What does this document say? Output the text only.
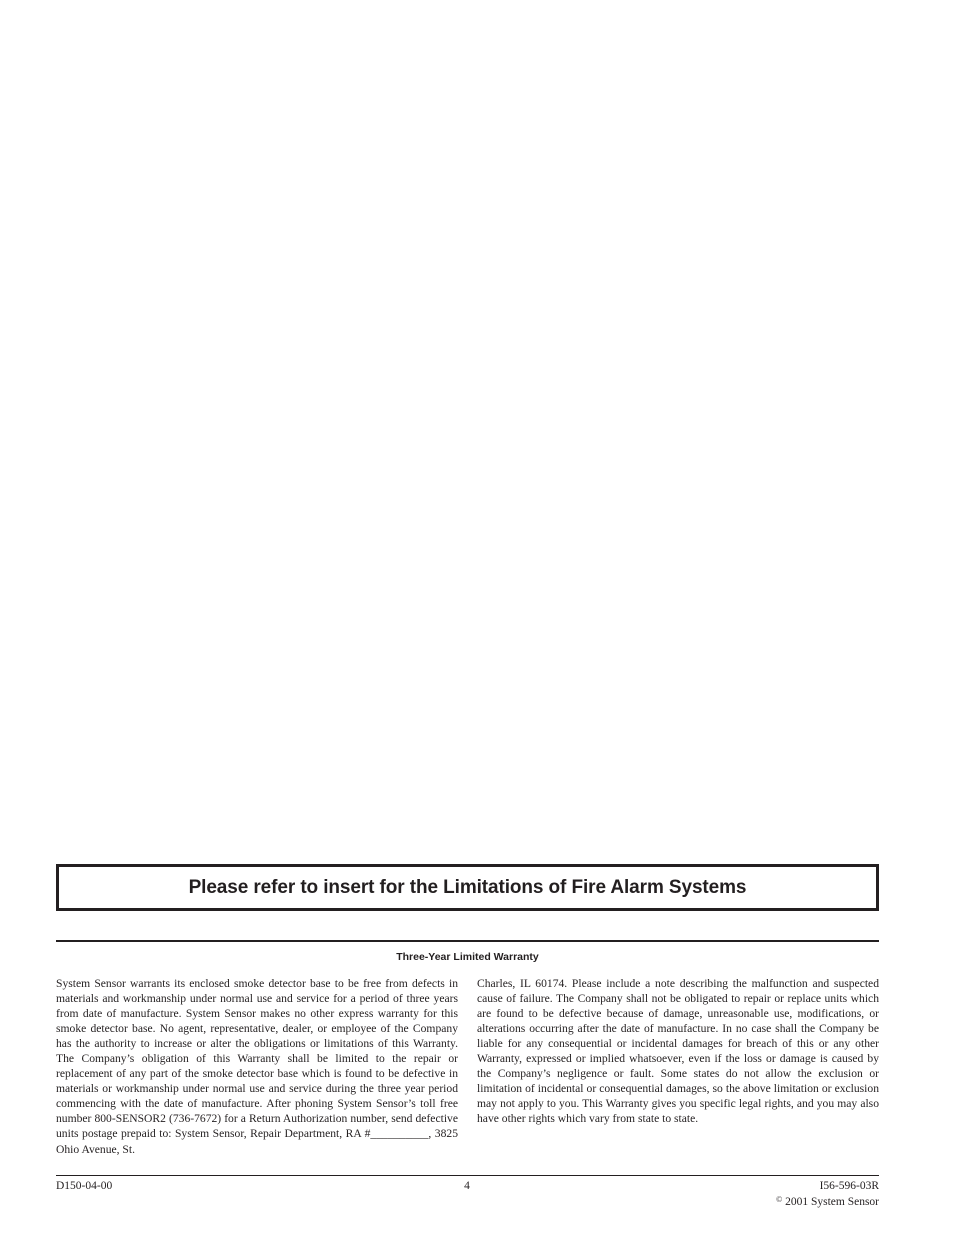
Please refer to insert for the Limitations of Fire Alarm Systems
Three-Year Limited Warranty
System Sensor warrants its enclosed smoke detector base to be free from defects in materials and workmanship under normal use and service for a period of three years from date of manufacture. System Sensor makes no other express warranty for this smoke detector base. No agent, representative, dealer, or employee of the Company has the authority to increase or alter the obligations or limitations of this Warranty. The Company’s obligation of this Warranty shall be limited to the repair or replacement of any part of the smoke detector base which is found to be defective in materials or workmanship under normal use and service during the three year period commencing with the date of manufacture. After phoning System Sensor’s toll free number 800-SENSOR2 (736-7672) for a Return Authorization number, send defective units postage prepaid to: System Sensor, Repair Department, RA #__________, 3825 Ohio Avenue, St.
Charles, IL 60174. Please include a note describing the malfunction and suspected cause of failure. The Company shall not be obligated to repair or replace units which are found to be defective because of damage, unreasonable use, modifications, or alterations occurring after the date of manufacture. In no case shall the Company be liable for any consequential or incidental damages for breach of this or any other Warranty, expressed or implied whatsoever, even if the loss or damage is caused by the Company’s negligence or fault. Some states do not allow the exclusion or limitation of incidental or consequential damages, so the above limitation or exclusion may not apply to you. This Warranty gives you specific legal rights, and you may also have other rights which vary from state to state.
D150-04-00	4	I56-596-03R
© 2001 System Sensor
